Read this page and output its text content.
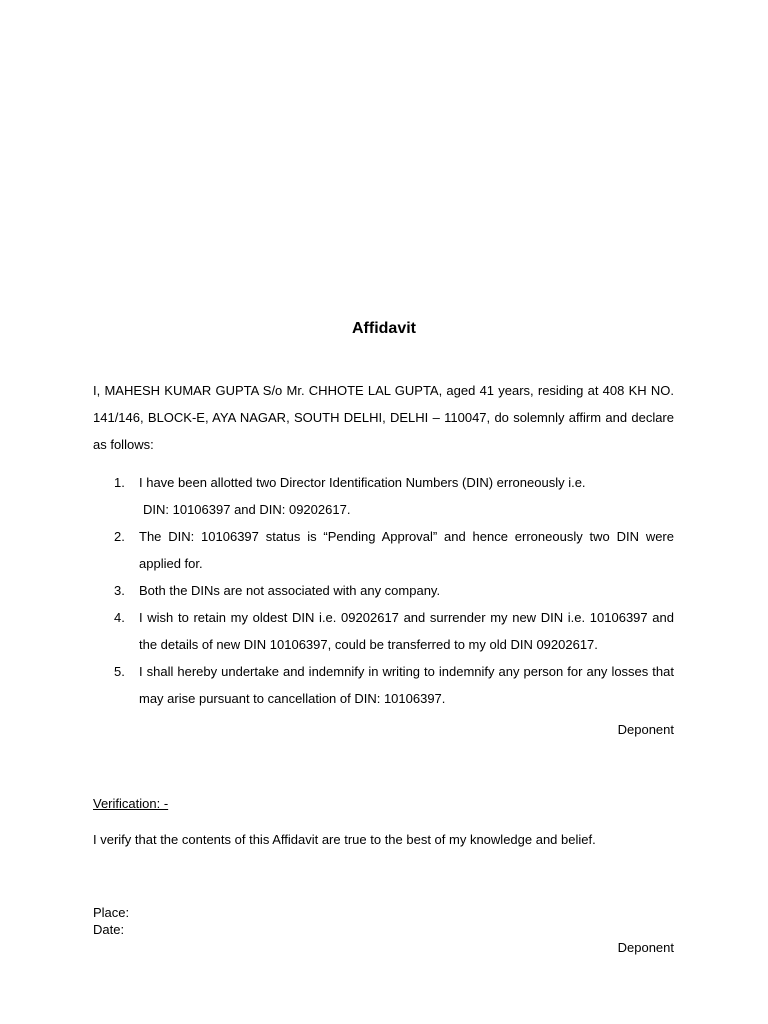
Affidavit
I, MAHESH KUMAR GUPTA S/o Mr. CHHOTE LAL GUPTA, aged 41 years, residing at 408 KH NO. 141/146, BLOCK-E, AYA NAGAR, SOUTH DELHI, DELHI – 110047, do solemnly affirm and declare as follows:
1. I have been allotted two Director Identification Numbers (DIN) erroneously i.e.
DIN: 10106397 and DIN: 09202617.
2. The DIN: 10106397 status is “Pending Approval” and hence erroneously two DIN were applied for.
3. Both the DINs are not associated with any company.
4. I wish to retain my oldest DIN i.e. 09202617 and surrender my new DIN i.e. 10106397 and the details of new DIN 10106397, could be transferred to my old DIN 09202617.
5. I shall hereby undertake and indemnify in writing to indemnify any person for any losses that may arise pursuant to cancellation of DIN: 10106397.
Deponent
Verification: -
I verify that the contents of this Affidavit are true to the best of my knowledge and belief.
Place:
Date:
Deponent
